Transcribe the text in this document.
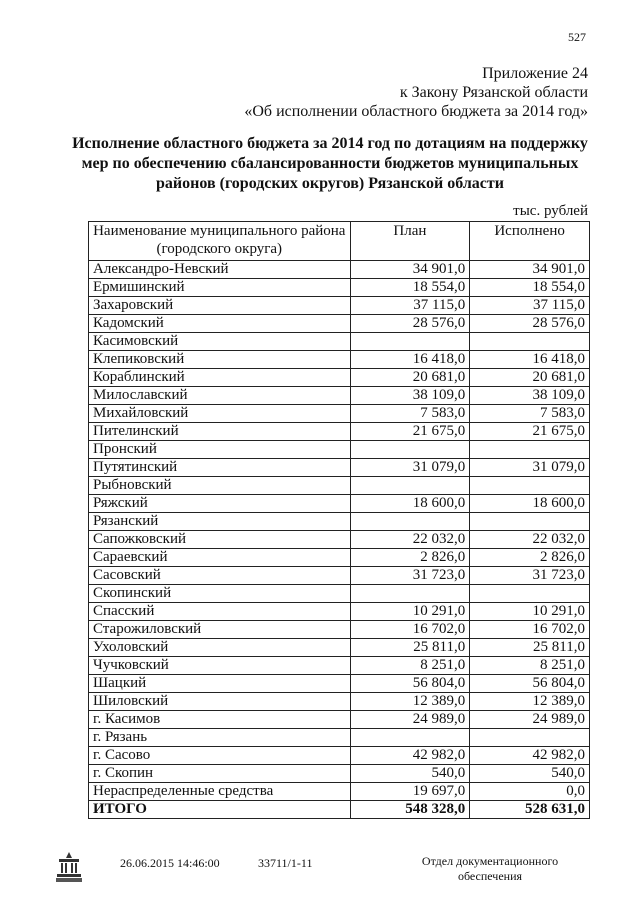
527
Приложение 24
к Закону Рязанской области
«Об исполнении областного бюджета за 2014 год»
Исполнение областного бюджета за 2014 год по дотациям на поддержку
мер по обеспечению сбалансированности бюджетов муниципальных
районов (городских округов) Рязанской области
тыс. рублей
Наименование муниципального района
(городского округа)	План	Исполнено
Александро-Невский	34 901,0	34 901,0
Ермишинский	18 554,0	18 554,0
Захаровский	37 115,0	37 115,0
Кадомский	28 576,0	28 576,0
Касимовский		
Клепиковский	16 418,0	16 418,0
Кораблинский	20 681,0	20 681,0
Милославский	38 109,0	38 109,0
Михайловский	7 583,0	7 583,0
Пителинский	21 675,0	21 675,0
Пронский		
Путятинский	31 079,0	31 079,0
Рыбновский		
Ряжский	18 600,0	18 600,0
Рязанский		
Сапожковский	22 032,0	22 032,0
Сараевский	2 826,0	2 826,0
Сасовский	31 723,0	31 723,0
Скопинский		
Спасский	10 291,0	10 291,0
Старожиловский	16 702,0	16 702,0
Ухоловский	25 811,0	25 811,0
Чучковский	8 251,0	8 251,0
Шацкий	56 804,0	56 804,0
Шиловский	12 389,0	12 389,0
г. Касимов	24 989,0	24 989,0
г. Рязань		
г. Сасово	42 982,0	42 982,0
г. Скопин	540,0	540,0
Нераспределенные средства	19 697,0	0,0
ИТОГО	548 328,0	528 631,0
26.06.2015 14:46:00	33711/1-11	Отдел документационного
обеспечения
